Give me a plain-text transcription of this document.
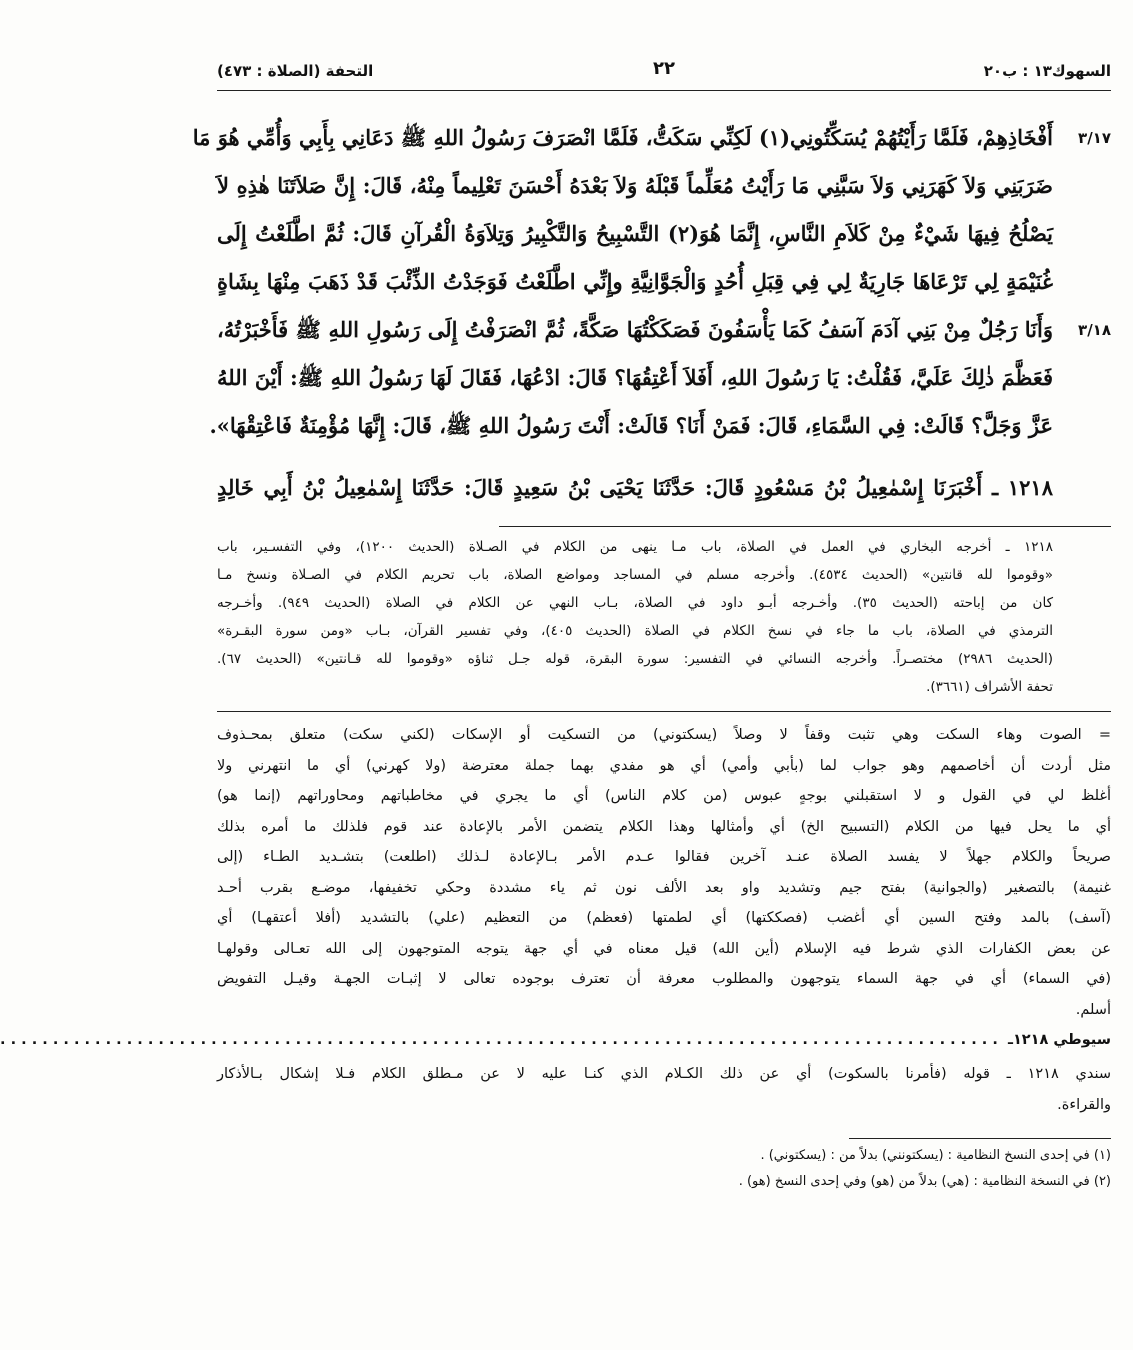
السهوك١٣ : ب٢٠
٢٢
التحفة (الصلاة : ٤٧٣)
٣/١٧
أَفْخَاذِهِمْ، فَلَمَّا رَأَيْتُهُمْ يُسَكِّتُونِي(١) لَكِنِّي سَكَتُّ، فَلَمَّا انْصَرَفَ رَسُولُ اللهِ ﷺ دَعَانِي بِأَبِي وَأُمِّي هُوَ مَا
ضَرَبَنِي وَلاَ كَهَرَنِي وَلاَ سَبَّنِي مَا رَأَيْتُ مُعَلِّماً قَبْلَهُ وَلاَ بَعْدَهُ أَحْسَنَ تَعْلِيماً مِنْهُ، قَالَ: إِنَّ صَلاَتَنَا هٰذِهِ لاَ
يَصْلُحُ فِيهَا شَيْءٌ مِنْ كَلاَمِ النَّاسِ، إِنَّمَا هُوَ(٢) التَّسْبِيحُ وَالتَّكْبِيرُ وَتِلاَوَةُ الْقُرآنِ قَالَ: ثُمَّ اطَّلَعْتُ إِلَى
غُنَيْمَةٍ لِي تَرْعَاهَا جَارِيَةٌ لِي فِي قِبَلِ أُحُدٍ وَالْجَوَّانِيَّةِ وإِنِّي اطَّلَعْتُ فَوَجَدْتُ الذِّئْبَ قَدْ ذَهَبَ مِنْهَا بِشَاةٍ
٣/١٨
وَأَنَا رَجُلٌ مِنْ بَنِي آدَمَ آسَفُ كَمَا يَأْسَفُونَ فَصَكَكْتُهَا صَكَّةً، ثُمَّ انْصَرَفْتُ إِلَى رَسُولِ اللهِ ﷺ فَأَخْبَرْتُهُ،
فَعَظَّمَ ذٰلِكَ عَلَيَّ، فَقُلْتُ: يَا رَسُولَ اللهِ، أَفَلاَ أَعْتِقُهَا؟ قَالَ: ادْعُهَا، فَقَالَ لَهَا رَسُولُ اللهِ ﷺ: أَيْنَ اللهُ
عَزَّ وَجَلَّ؟ قَالَتْ: فِي السَّمَاءِ، قَالَ: فَمَنْ أَنَا؟ قَالَتْ: أَنْتَ رَسُولُ اللهِ ﷺ، قَالَ: إِنَّهَا مُؤْمِنَةٌ فَاعْتِقْهَا».
١٢١٨ ـ أَخْبَرَنَا إِسْمٰعِيلُ بْنُ مَسْعُودٍ قَالَ: حَدَّثَنَا يَحْيَى بْنُ سَعِيدٍ قَالَ: حَدَّثَنَا إِسْمٰعِيلُ بْنُ أَبِي خَالِدٍ
١٢١٨ ـ أخرجه البخاري في العمل في الصلاة، باب مـا ينهى من الكلام في الصـلاة (الحديث ١٢٠٠)، وفي التفسـير، باب
«وقوموا لله قانتين» (الحديث ٤٥٣٤). وأخرجه مسلم في المساجد ومواضع الصلاة، باب تحريم الكلام في الصـلاة ونسخ مـا
كان من إباحته (الحديث ٣٥). وأخـرجه أبـو داود في الصلاة، بـاب النهي عن الكلام في الصلاة (الحديث ٩٤٩). وأخـرجه
الترمذي في الصلاة، باب ما جاء في نسخ الكلام في الصلاة (الحديث ٤٠٥)، وفي تفسير القرآن، بـاب «ومن سورة البقـرة»
(الحديث ٢٩٨٦) مختصـراً. وأخرجه النسائي في التفسير: سورة البقرة، قوله جـل ثناؤه «وقوموا لله قـانتين» (الحديث ٦٧).
تحفة الأشراف (٣٦٦١).
= الصوت وهاء السكت وهي تثبت وقفاً لا وصلاً (يسكتوني) من التسكيت أو الإسكات (لكني سكت) متعلق بمحـذوف
مثل أردت أن أخاصمهم وهو جواب لما (بأبي وأمي) أي هو مفدي بهما جملة معترضة (ولا كهرني) أي ما انتهرني ولا
أغلظ لي في القول و لا استقبلني بوجهٍ عبوس (من كلام الناس) أي ما يجري في مخاطباتهم ومحاوراتهم (إنما هو)
أي ما يحل فيها من الكلام (التسبيح الخ) أي وأمثالها وهذا الكلام يتضمن الأمر بالإعادة عند قوم فلذلك ما أمره بذلك
صريحاً والكلام جهلاً لا يفسد الصلاة عنـد آخرين فقالوا عـدم الأمر بـالإعادة لـذلك (اطلعت) بتشـديد الطـاء (إلى
غنيمة) بالتصغير (والجوانية) بفتح جيم وتشديد واو بعد الألف نون ثم ياء مشددة وحكي تخفيفها، موضـع بقرب أحـد
(آسف) بالمد وفتح السين أي أغضب (فصككتها) أي لطمتها (فعظم) من التعظيم (علي) بالتشديد (أفلا أعتقهـا) أي
عن بعض الكفارات الذي شرط فيه الإسلام (أين الله) قيل معناه في أي جهة يتوجه المتوجهون إلى الله تعـالى وقولهـا
(في السماء) أي في جهة السماء يتوجهون والمطلوب معرفة أن تعترف بوجوده تعالى لا إثبـات الجهـة وقيـل التفويض
أسلم.
سيوطي ١٢١٨ـ  . . . . . . . . . . . . . . . . . . . . . . . . . . . . . . . . . . . . . . . . . . . . . . . . . . . . . . . . . . . . . . . . . . . . . . . . . . . . . . . . . . . . . . . . . . . . . . .
سندي ١٢١٨ ـ قوله (فأمرنا بالسكوت) أي عن ذلك الكـلام الذي كنـا عليه لا عن مـطلق الكلام فـلا إشكال بـالأذكار
والقراءة.
(١) في إحدى النسخ النظامية : (يسكتونني) بدلاً من : (يسكتوني) .
(٢) في النسخة النظامية : (هي) بدلاً من (هو) وفي إحدى النسخ (هو) .
